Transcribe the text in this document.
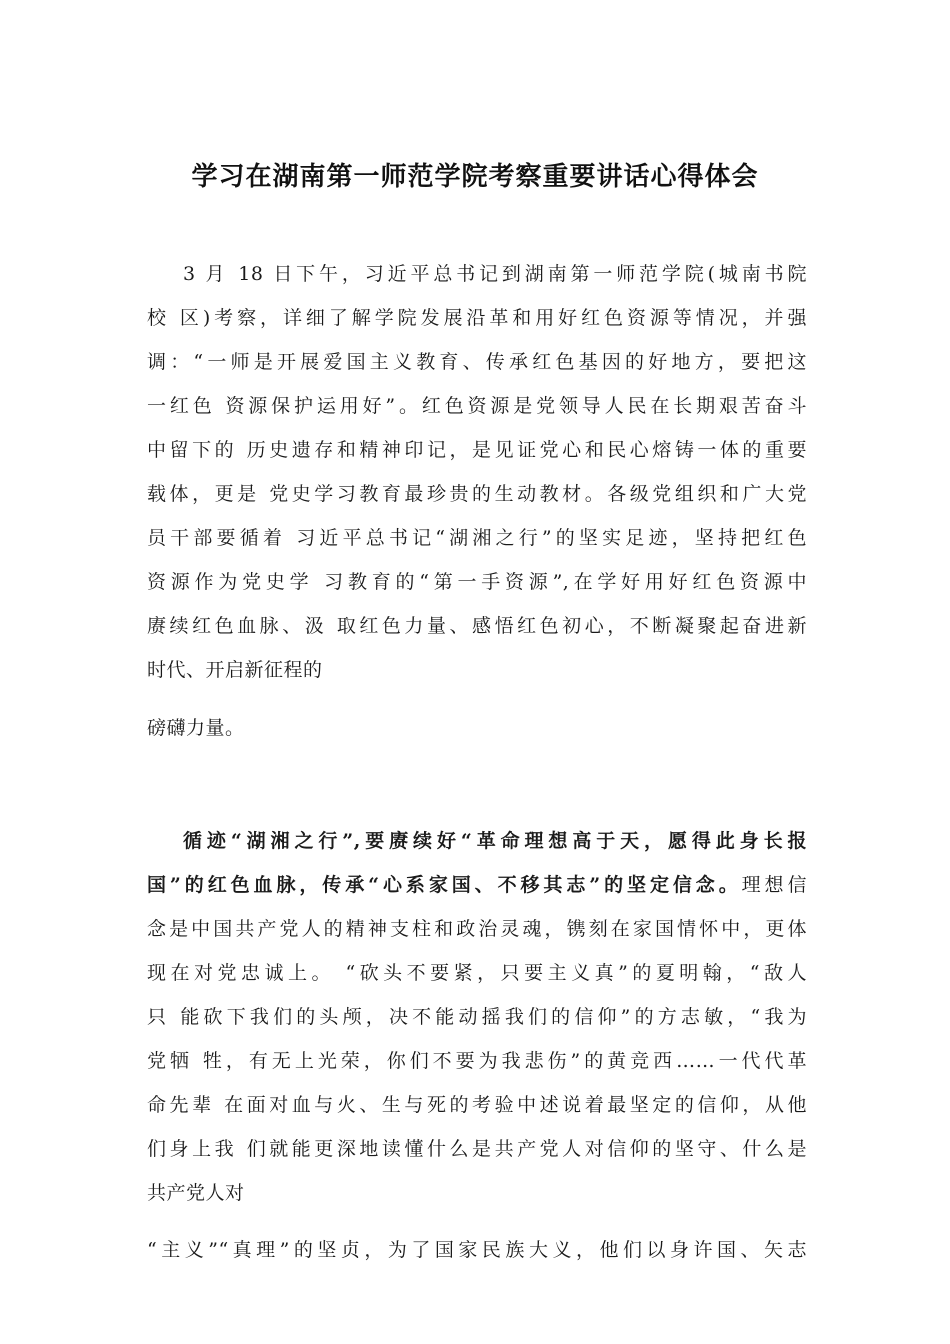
学习在湖南第一师范学院考察重要讲话心得体会
3 月 18 日下午，习近平总书记到湖南第一师范学院(城南书院
校 区)考察，详细了解学院发展沿革和用好红色资源等情况，并强
调：“一师是开展爱国主义教育、传承红色基因的好地方，要把这
一红色 资源保护运用好”。红色资源是党领导人民在长期艰苦奋斗
中留下的 历史遗存和精神印记，是见证党心和民心熔铸一体的重要
载体，更是 党史学习教育最珍贵的生动教材。各级党组织和广大党
员干部要循着 习近平总书记“湖湘之行”的坚实足迹，坚持把红色
资源作为党史学 习教育的“第一手资源”,在学好用好红色资源中
赓续红色血脉、汲 取红色力量、感悟红色初心，不断凝聚起奋进新
时代、开启新征程的
磅礴力量。
循迹“湖湘之行”,要赓续好“革命理想高于天，愿得此身长报
国”的红色血脉，传承“心系家国、不移其志”的坚定信念。理想信
念是中国共产党人的精神支柱和政治灵魂，镌刻在家国情怀中，更体
现在对党忠诚上。 “砍头不要紧，只要主义真”的夏明翰，“敌人
只 能砍下我们的头颅，决不能动摇我们的信仰”的方志敏，“我为
党牺 牲，有无上光荣，你们不要为我悲伤”的黄竞西……一代代革
命先辈 在面对血与火、生与死的考验中述说着最坚定的信仰，从他
们身上我 们就能更深地读懂什么是共产党人对信仰的坚守、什么是
共产党人对
“主义”“真理”的坚贞，为了国家民族大义，他们以身许国、矢志
